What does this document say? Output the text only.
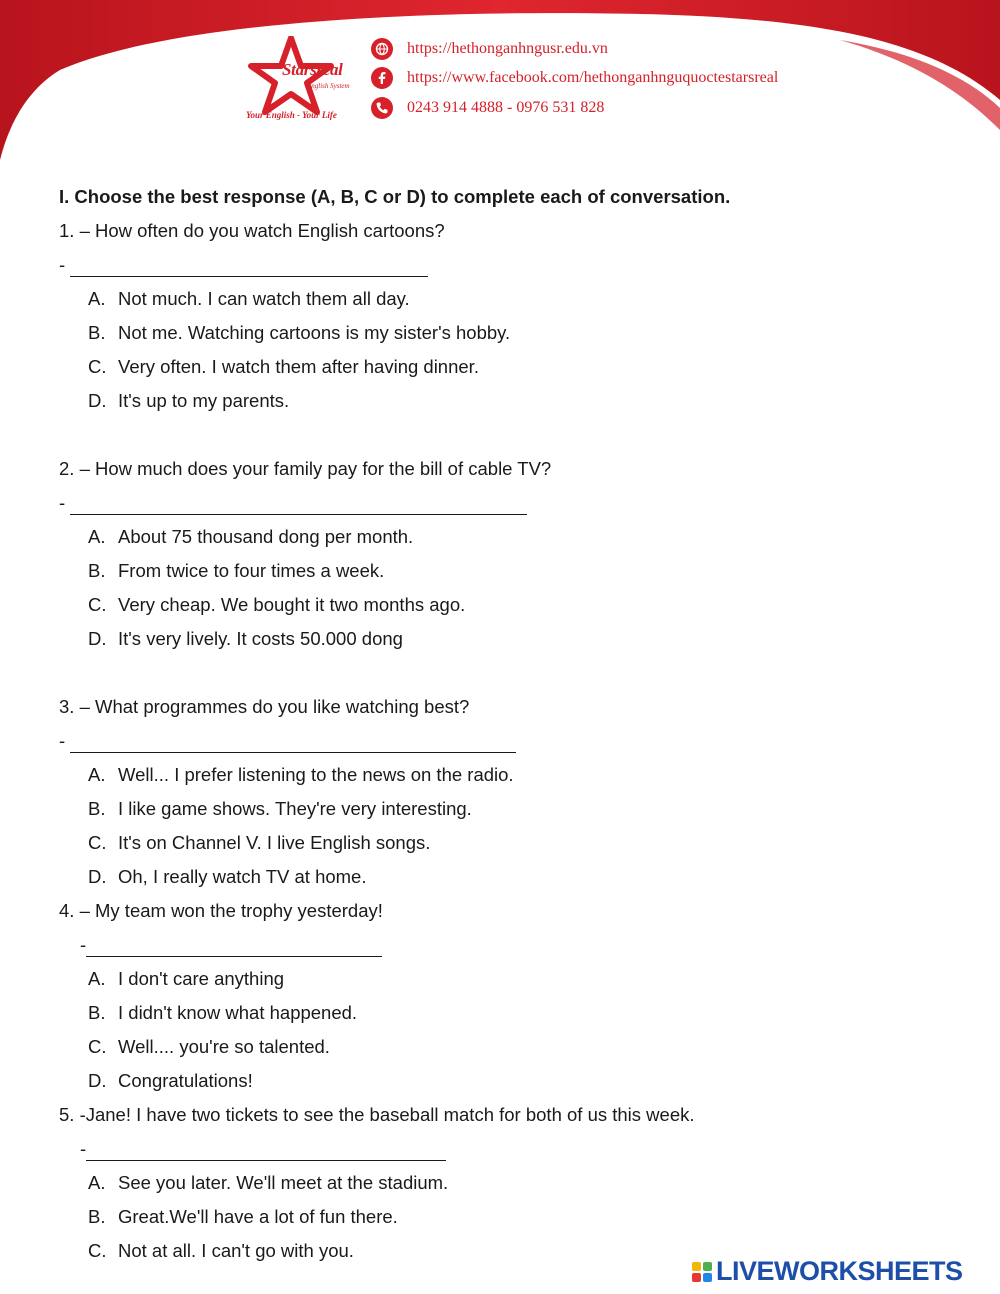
Starsreal
English System
Your English - Your Life
https://hethonganhngusr.edu.vn
https://www.facebook.com/hethonganhnguquoctestarsreal
0243 914 4888 - 0976 531 828
I. Choose the best response (A, B, C or D) to complete each of conversation.
1. – How often do you watch English cartoons?
-
A. Not much. I can watch them all day.
B. Not me. Watching cartoons is my sister's hobby.
C. Very often. I watch them after having dinner.
D. It's up to my parents.
2. – How much does your family pay for the bill of cable TV?
-
A. About 75 thousand dong per month.
B. From twice to four times a week.
C. Very cheap. We bought it two months ago.
D. It's very lively. It costs 50.000 dong
3. – What programmes do you like watching best?
-
A. Well... I prefer listening to the news on the radio.
B. I like game shows. They're very interesting.
C. It's on Channel V. I live English songs.
D. Oh, I really watch TV at home.
4. – My team won the trophy yesterday!
-
A. I don't care anything
B. I didn't know what happened.
C. Well.... you're so talented.
D. Congratulations!
5. -Jane! I have two tickets to see the baseball match for both of us this week.
-
A. See you later. We'll meet at the stadium.
B. Great.We'll have a lot of fun there.
C. Not at all. I can't go with you.
LIVEWORKSHEETS
